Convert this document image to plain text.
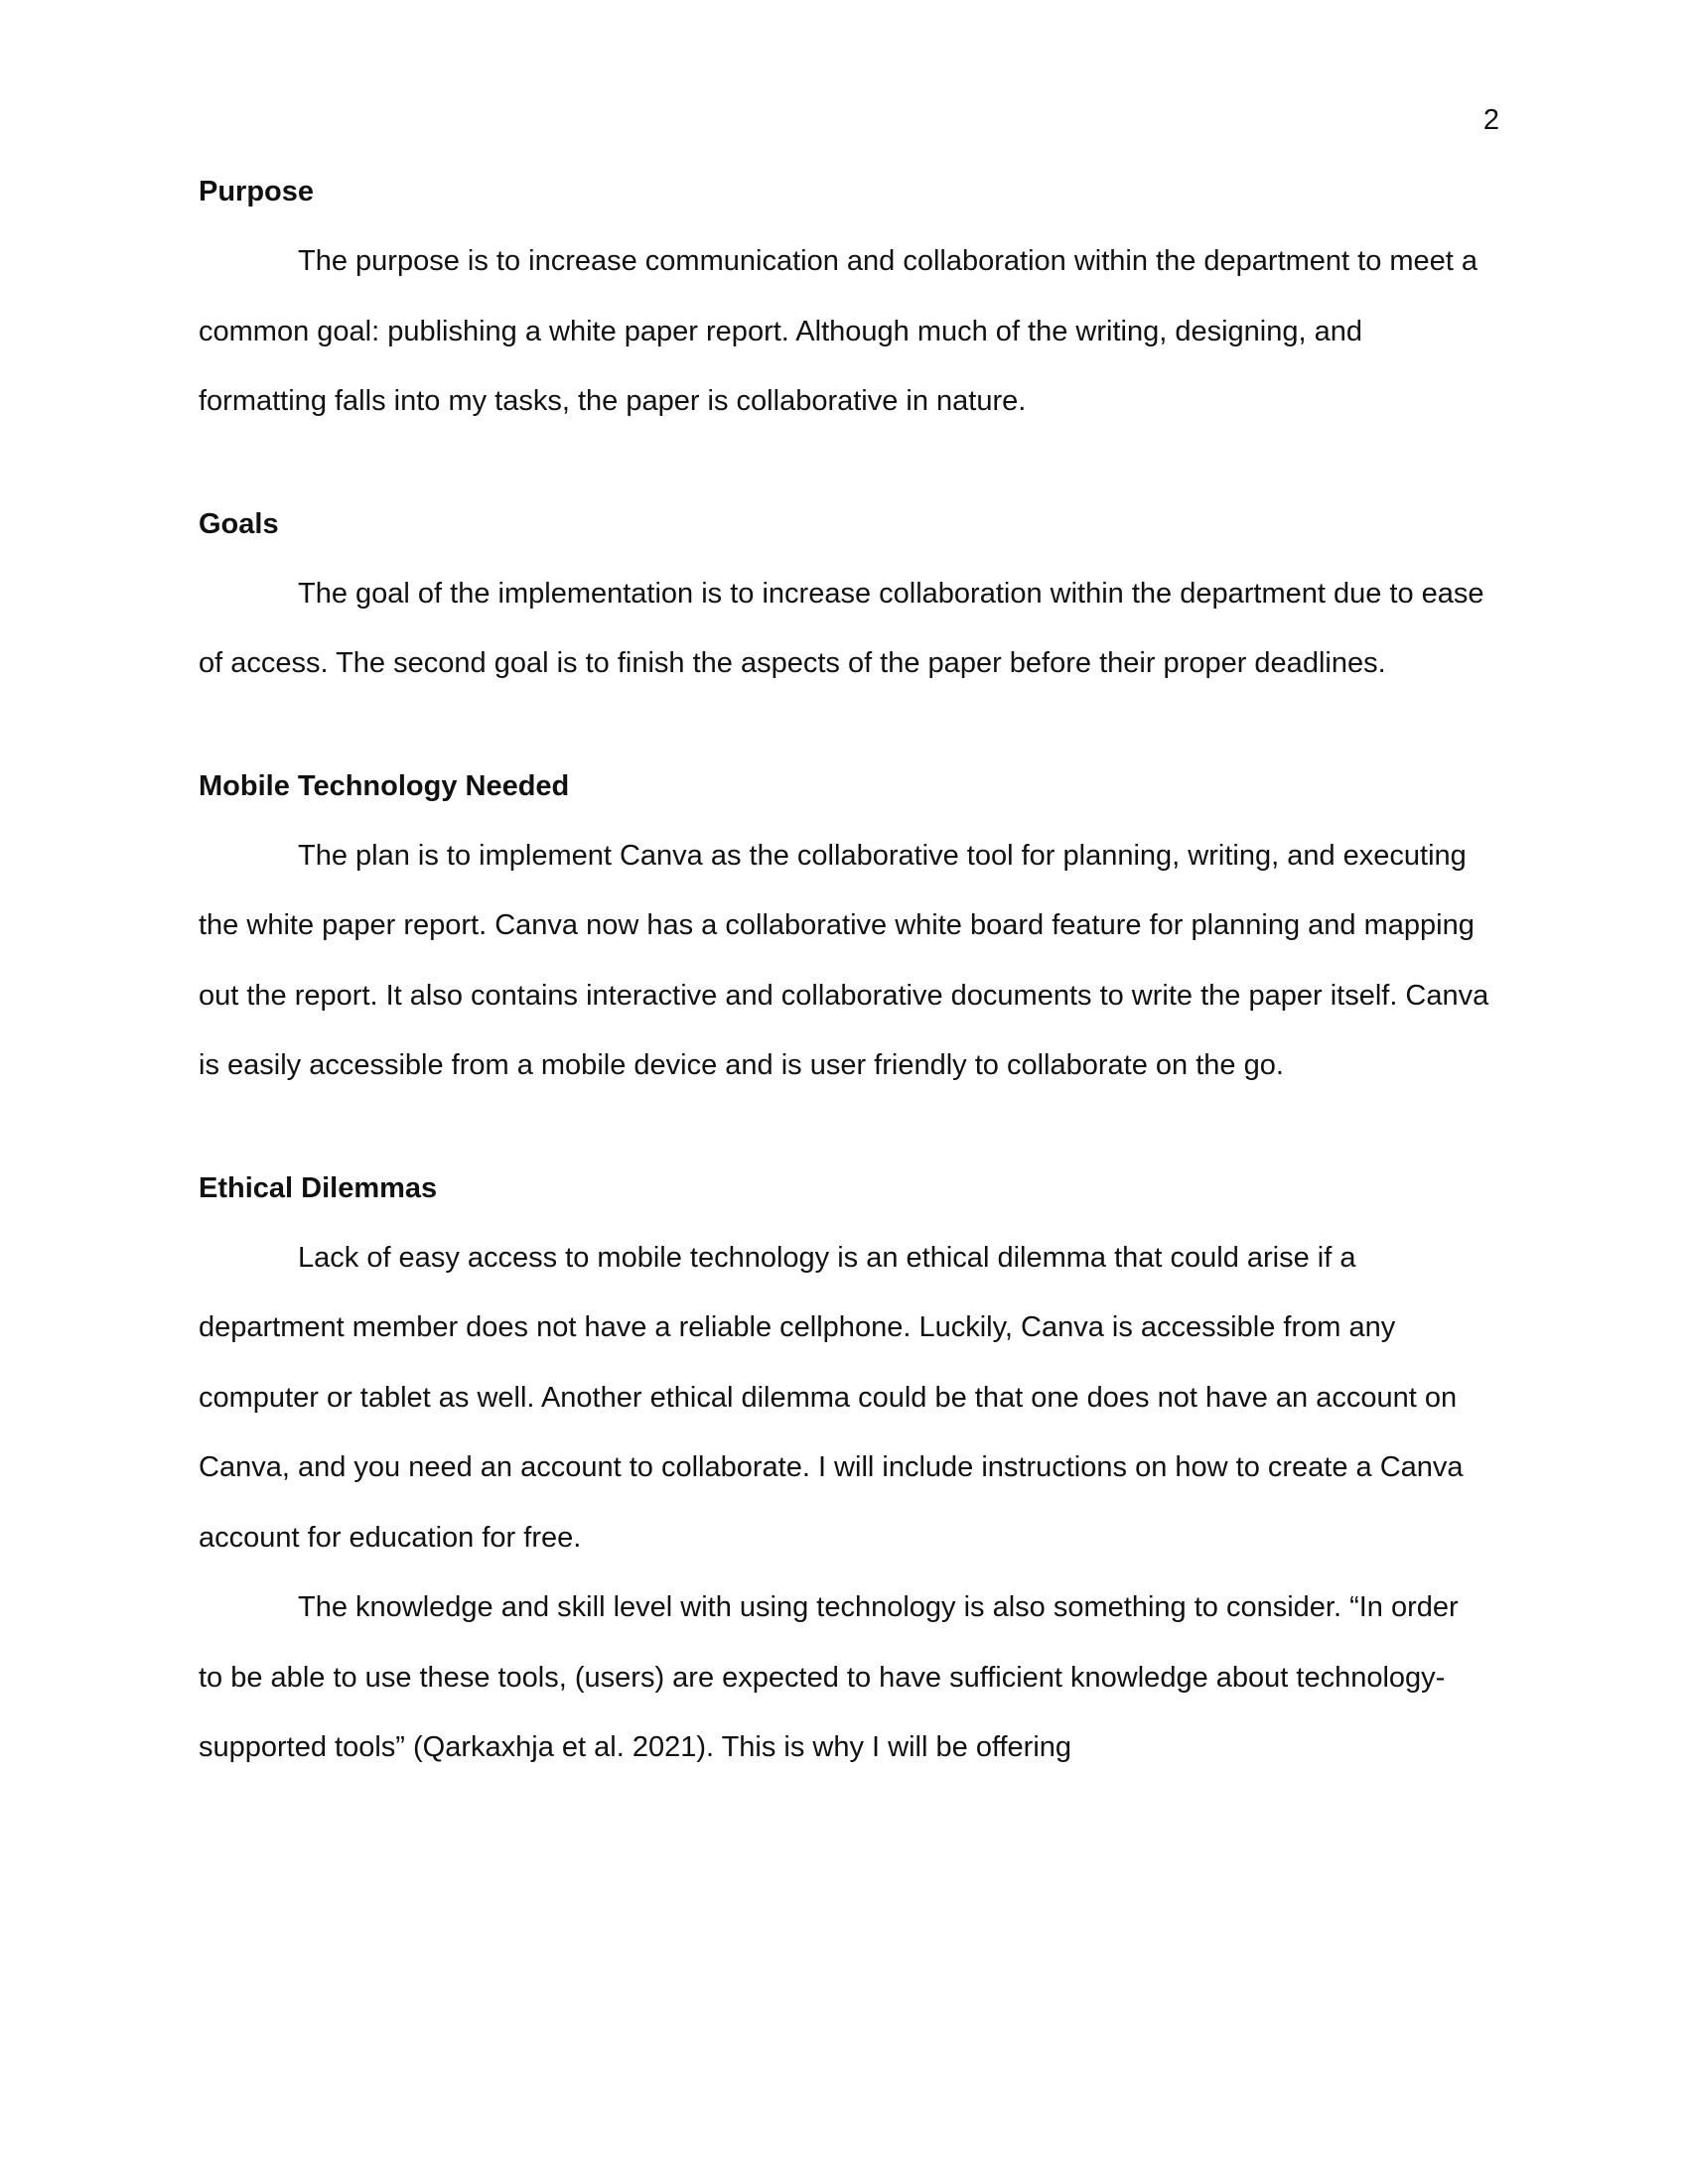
2
Purpose

The purpose is to increase communication and collaboration within the department to meet a common goal: publishing a white paper report. Although much of the writing, designing, and formatting falls into my tasks, the paper is collaborative in nature.

Goals

The goal of the implementation is to increase collaboration within the department due to ease of access. The second goal is to finish the aspects of the paper before their proper deadlines.

Mobile Technology Needed

The plan is to implement Canva as the collaborative tool for planning, writing, and executing the white paper report. Canva now has a collaborative white board feature for planning and mapping out the report. It also contains interactive and collaborative documents to write the paper itself. Canva is easily accessible from a mobile device and is user friendly to collaborate on the go.

Ethical Dilemmas

Lack of easy access to mobile technology is an ethical dilemma that could arise if a department member does not have a reliable cellphone. Luckily, Canva is accessible from any computer or tablet as well. Another ethical dilemma could be that one does not have an account on Canva, and you need an account to collaborate. I will include instructions on how to create a Canva account for education for free.

The knowledge and skill level with using technology is also something to consider. “In order to be able to use these tools, (users) are expected to have sufficient knowledge about technology-supported tools” (Qarkaxhja et al. 2021). This is why I will be offering
